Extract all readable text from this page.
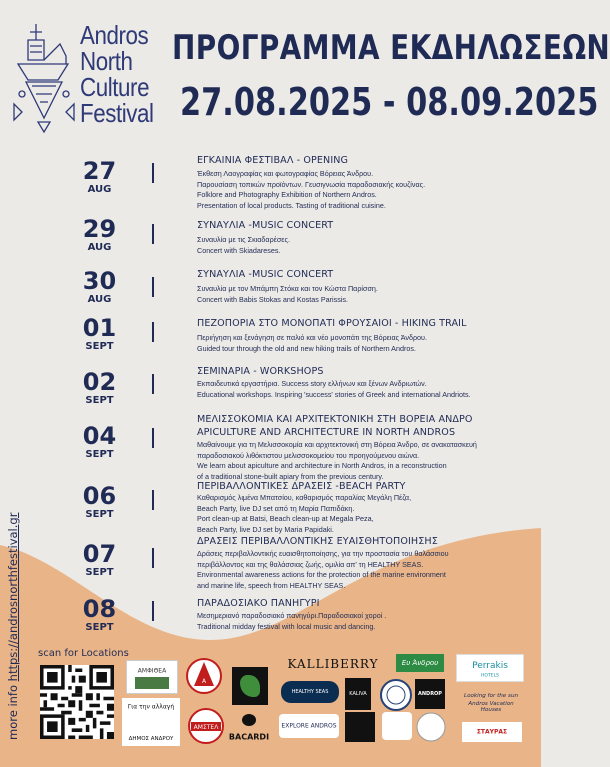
Andros
North
Culture
Festival
ΠΡΟΓΡΑΜΜΑ ΕΚΔΗΛΩΣΕΩΝ
27.08.2025 - 08.09.2025
27
AUG
ΕΓΚΑΙΝΙΑ ΦΕΣΤΙΒΑΛ - OPENING
Έκθεση Λαογραφίας και φωτογραφίας Βόρειας Άνδρου.
Παρουσίαση τοπικών προϊόντων. Γευσιγνωσία παραδοσιακής κουζίνας.
Folklore and Photography Exhibition of Northern Andros.
Presentation of local products. Tasting of traditional cuisine.
29
AUG
ΣΥΝΑΥΛΙΑ -MUSIC CONCERT
Συναυλία με τις Σκιαδαρέσες.
Concert with Skiadareses.
30
AUG
ΣΥΝΑΥΛΙΑ -MUSIC CONCERT
Συναυλία με τον Μπάμπη Στόκα και τον Κώστα Παρίσση.
Concert with Babis Stokas and Kostas Parissis.
01
SEPT
ΠΕΖΟΠΟΡΙΑ ΣΤΟ ΜΟΝΟΠΑΤΙ ΦΡΟΥΣΑΙΟΙ - HIKING TRAIL
Περιήγηση και ξενάγηση σε παλιό και νέο μονοπάτι της Βόρειας Άνδρου.
Guided tour through the old and new hiking trails of Northern Andros.
02
SEPT
ΣΕΜΙΝΑΡΙΑ - WORKSHOPS
Εκπαιδευτικά εργαστήρια. Success story ελλήνων και ξένων Ανδριωτών.
Educational workshops. Inspiring 'success' stories of Greek and international Andriots.
04
SEPT
ΜΕΛΙΣΣΟΚΟΜΙΑ ΚΑΙ ΑΡΧΙΤΕΚΤΟΝΙΚΗ ΣΤΗ ΒΟΡΕΙΑ ΑΝΔΡΟ
APICULTURE AND ARCHITECTURE IN NORTH ANDROS
Μαθαίνουμε για τη Μελισσοκομία και αρχιτεκτονική στη Βόρεια Άνδρο, σε ανακατασκευή
παραδοσιακού λιθόκτιστου μελισσοκομείου του προηγούμενου αιώνα.
We learn about apiculture and architecture in North Andros, in a reconstruction
of a traditional stone-built apiary from the previous century.
06
SEPT
ΠΕΡΙΒΑΛΛΟΝΤΙΚΕΣ ΔΡΑΣΕΙΣ -BEACH PARTY
Καθαρισμός λιμένα Μπατσίου, καθαρισμός παραλίας Μεγάλη Πέζα,
Beach Party, live DJ set από τη Μαρία Παπιδάκη.
Port clean-up at Batsi, Beach clean-up at Megala Peza,
Beach Party, live DJ set by Maria Papidaki.
07
SEPT
ΔΡΑΣΕΙΣ ΠΕΡΙΒΑΛΛΟΝΤΙΚΗΣ ΕΥΑΙΣΘΗΤΟΠΟΙΗΣΗΣ
Δράσεις περιβαλλοντικής ευαισθητοποίησης, για την προστασία του θαλάσσιου
περιβάλλοντος και της θαλάσσιας ζωής, ομιλία απ' τη HEALTHY SEAS.
Environmental awareness actions for the protection of the marine environment
and marine life, speech from HEALTHY SEAS.
08
SEPT
ΠΑΡΑΔΟΣΙΑΚΟ ΠΑΝΗΓΥΡΙ
Μεσημεριανό παραδοσιακό πανηγύρι.Παραδοσιακοί χοροί .
Traditional midday festival with local music and dancing.
more info https://androsnorthfestival.gr scan for Locations
ΑΜΦΙΘΕΑ
Α
KALLIBERRY	Ευ Άνδρου	Perrakis
HOTELS
HEALTHY SEAS	KALIVA	ANDROP	Looking for the sun
Andros Vacation Houses
Για την αλλαγή
ΔΗΜΟΣ ΑΝΔΡΟΥ
ΑΜΣΤΕΛ
BACARDI
EXPLORE ANDROS
ΣΤΑΥΡΑΣ
